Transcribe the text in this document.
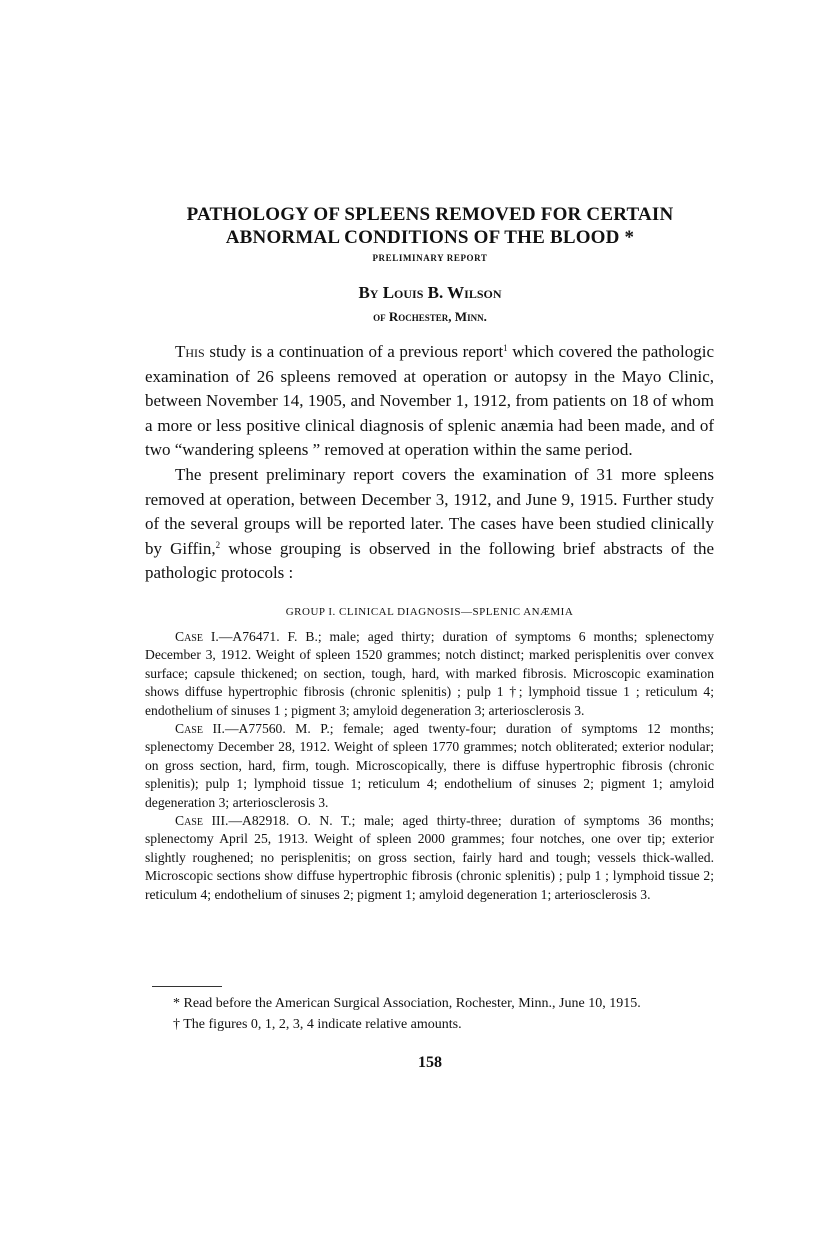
PATHOLOGY OF SPLEENS REMOVED FOR CERTAIN
ABNORMAL CONDITIONS OF THE BLOOD *
PRELIMINARY REPORT
By Louis B. Wilson
of Rochester, Minn.

This study is a continuation of a previous report$^1$ which covered the pathologic examination of 26 spleens removed at operation or autopsy in the Mayo Clinic, between November 14, 1905, and November 1, 1912, from patients on 18 of whom a more or less positive clinical diagnosis of splenic anæmia had been made, and of two “wandering spleens ” removed at operation within the same period.

The present preliminary report covers the examination of 31 more spleens removed at operation, between December 3, 1912, and June 9, 1915. Further study of the several groups will be reported later. The cases have been studied clinically by Giffin,$^2$ whose grouping is observed in the following brief abstracts of the pathologic protocols :

GROUP I. CLINICAL DIAGNOSIS—SPLENIC ANÆMIA

Case I.—A76471. F. B.; male; aged thirty; duration of symptoms 6 months; splenectomy December 3, 1912. Weight of spleen 1520 grammes; notch distinct; marked perisplenitis over convex surface; capsule thickened; on section, tough, hard, with marked fibrosis. Microscopic examination shows diffuse hypertrophic fibrosis (chronic splenitis) ; pulp 1 †; lymphoid tissue 1 ; reticulum 4; endothelium of sinuses 1 ; pigment 3; amyloid degeneration 3; arteriosclerosis 3.

Case II.—A77560. M. P.; female; aged twenty-four; duration of symptoms 12 months; splenectomy December 28, 1912. Weight of spleen 1770 grammes; notch obliterated; exterior nodular; on gross section, hard, firm, tough. Microscopically, there is diffuse hypertrophic fibrosis (chronic splenitis); pulp 1; lymphoid tissue 1; reticulum 4; endothelium of sinuses 2; pigment 1; amyloid degeneration 3; arteriosclerosis 3.

Case III.—A82918. O. N. T.; male; aged thirty-three; duration of symptoms 36 months; splenectomy April 25, 1913. Weight of spleen 2000 grammes; four notches, one over tip; exterior slightly roughened; no perisplenitis; on gross section, fairly hard and tough; vessels thick-walled. Microscopic sections show diffuse hypertrophic fibrosis (chronic splenitis) ; pulp 1 ; lymphoid tissue 2; reticulum 4; endothelium of sinuses 2; pigment 1; amyloid degeneration 1; arteriosclerosis 3.

* Read before the American Surgical Association, Rochester, Minn., June 10, 1915.

† The figures 0, 1, 2, 3, 4 indicate relative amounts.

158
